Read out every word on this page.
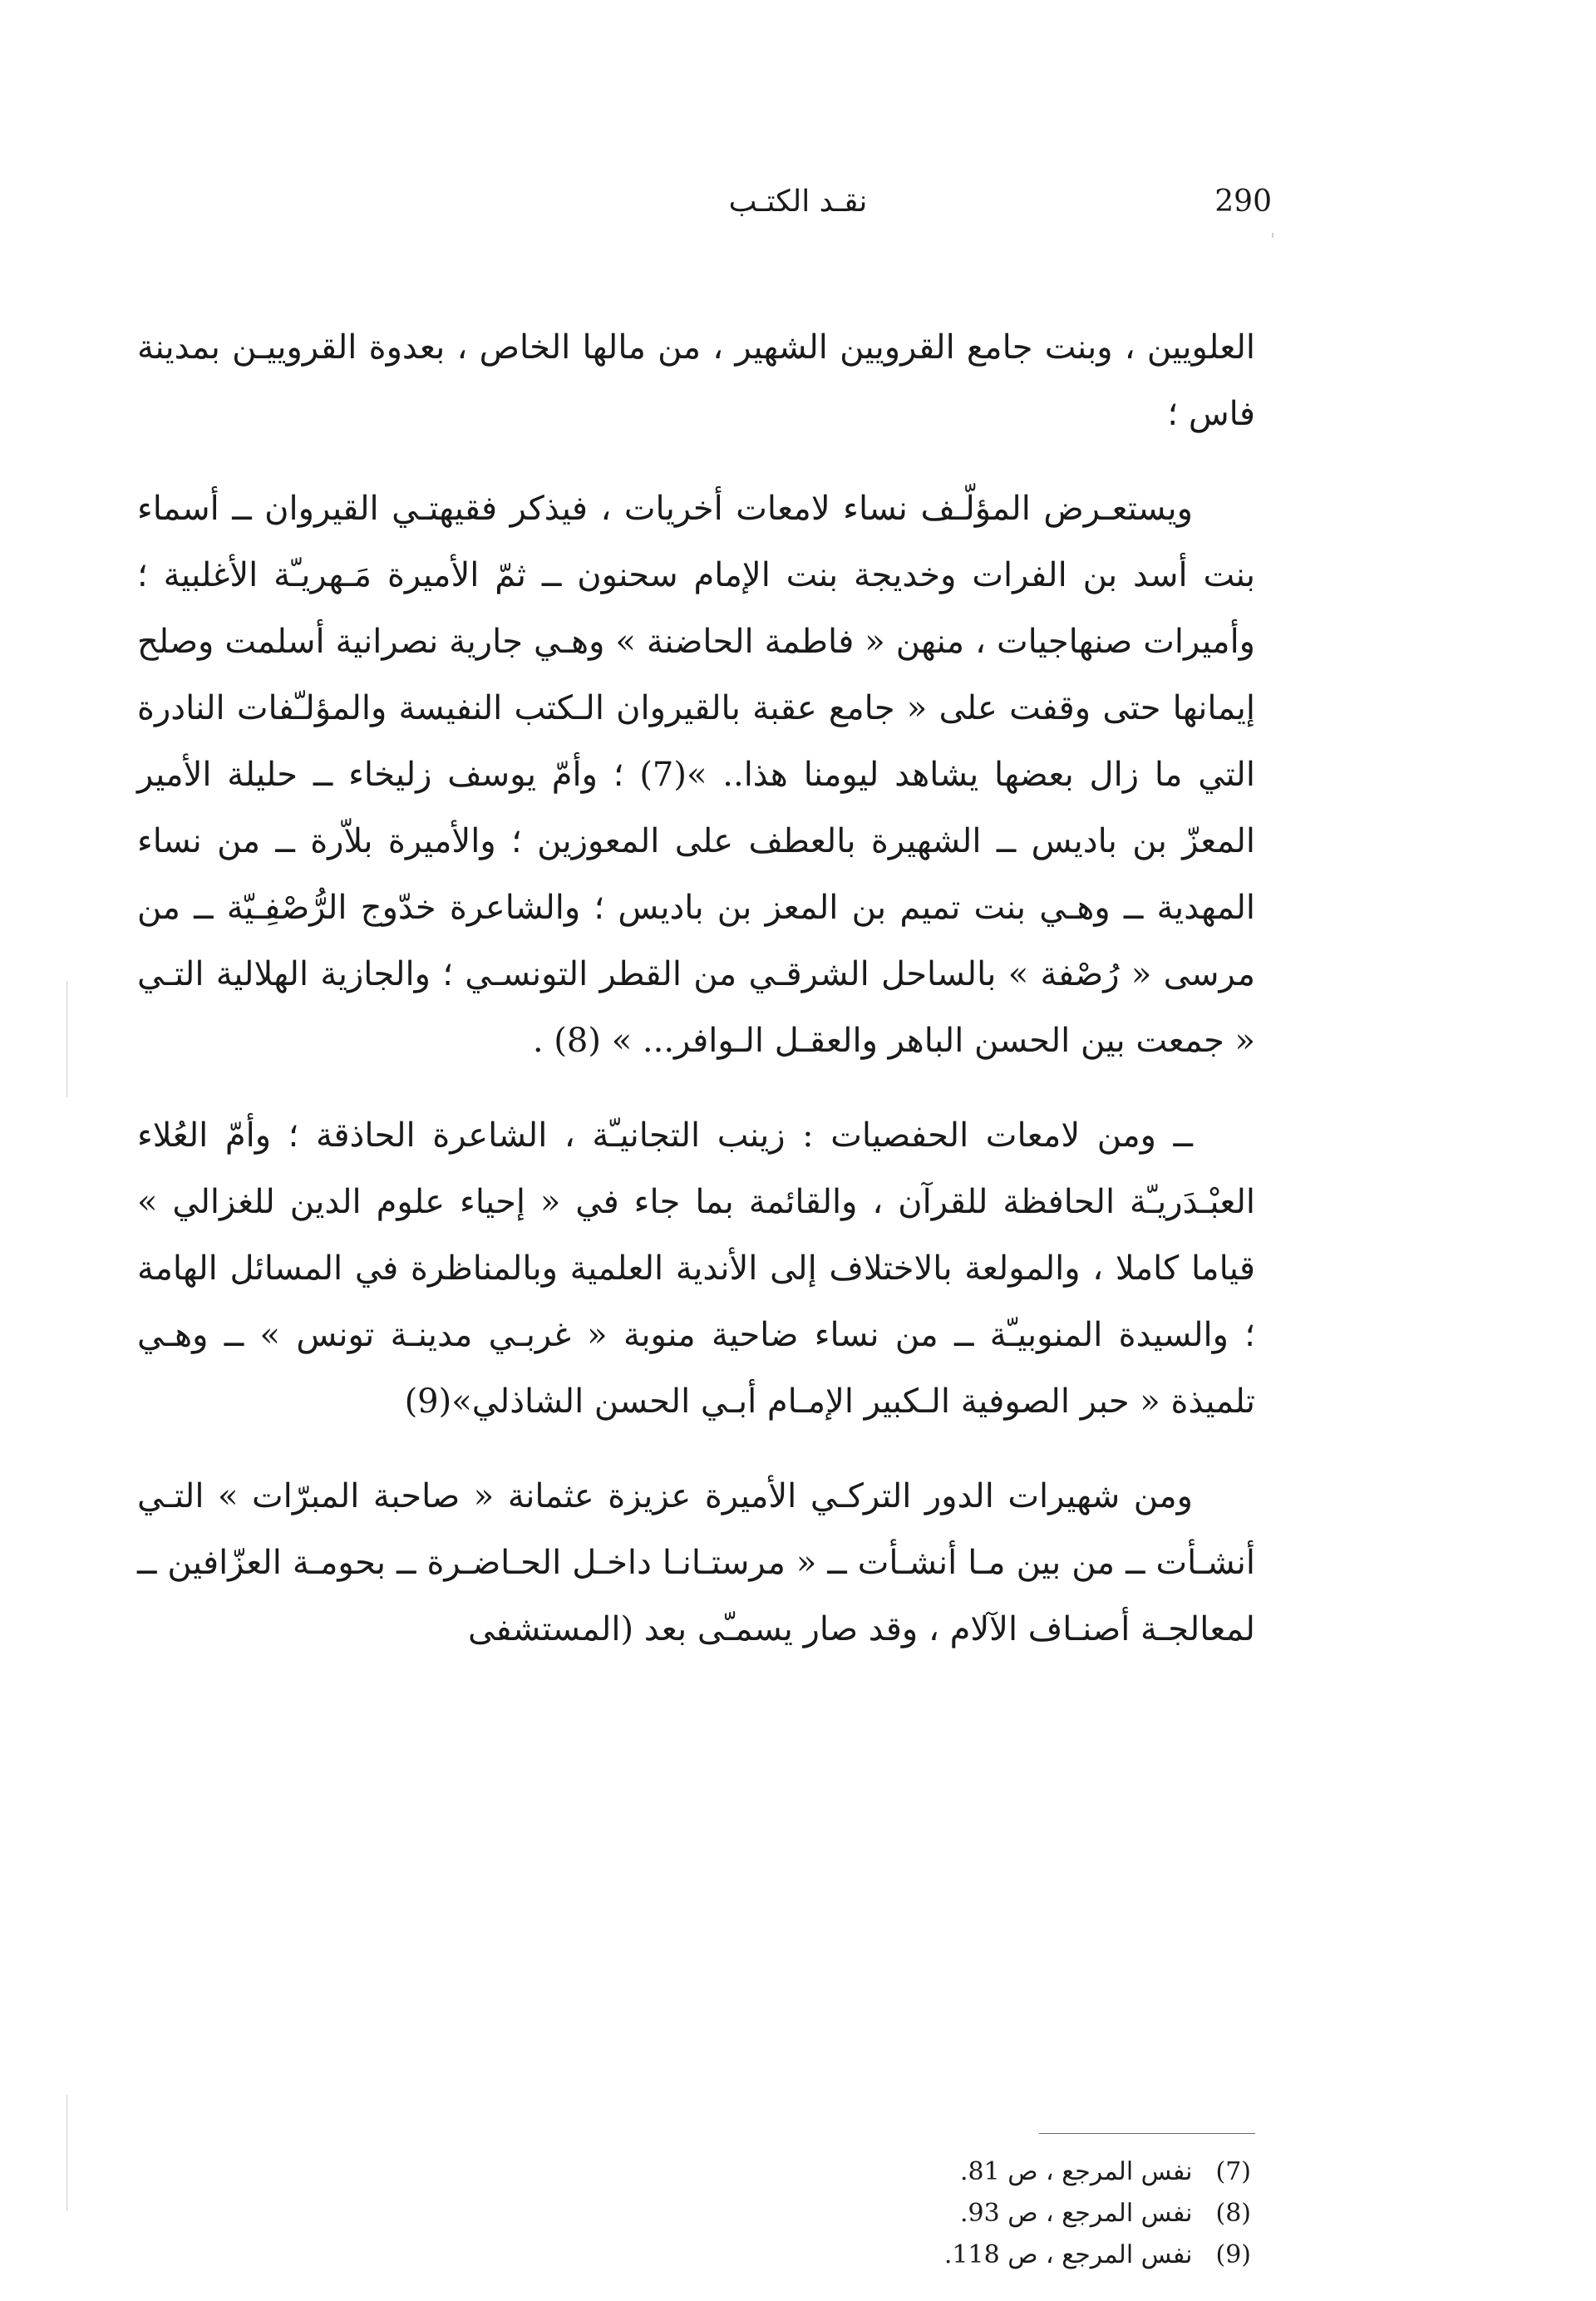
نقـد الكتـب	290

العلويين ، وبنت جامع القرويين الشهير ، من مالها الخاص ، بعدوة القروييـن بمدينة فاس ؛

ويستعـرض المؤلّـف نساء لامعات أخريات ، فيذكر فقيهتـي القيروان ــ أسماء بنت أسد بن الفرات وخديجة بنت الإمام سحنون ــ ثمّ الأميرة مَـهريـّة الأغلبية ؛ وأميرات صنهاجيات ، منهن « فاطمة الحاضنة » وهـي جارية نصرانية أسلمت وصلح إيمانها حتى وقفت على « جامع عقبة بالقيروان الـكتب النفيسة والمؤلـّفات النادرة التي ما زال بعضها يشاهد ليومنا هذا.. »(7) ؛ وأمّ يوسف زليخاء ــ حليلة الأمير المعزّ بن باديس ــ الشهيرة بالعطف على المعوزين ؛ والأميرة بلاّرة ــ من نساء المهدية ــ وهـي بنت تميم بن المعز بن باديس ؛ والشاعرة خدّوج الرُّصْفِـيّة ــ من مرسى « رُصْفة » بالساحل الشرقـي من القطر التونسـي ؛ والجازية الهلالية التـي « جمعت بين الحسن الباهر والعقـل الـوافر... » (8) .

ــ ومن لامعات الحفصيات : زينب التجانيـّة ، الشاعرة الحاذقة ؛ وأمّ العُلاء العبْـدَريـّة الحافظة للقرآن ، والقائمة بما جاء في « إحياء علوم الدين للغزالي » قياما كاملا ، والمولعة بالاختلاف إلى الأندية العلمية وبالمناظرة في المسائل الهامة ؛ والسيدة المنوبيـّة ــ من نساء ضاحية منوبة « غربـي مدينـة تونس » ــ وهـي تلميذة « حبر الصوفية الـكبير الإمـام أبـي الحسن الشاذلي»(9)

ومن شهيرات الدور التركـي الأميرة عزيزة عثمانة « صاحبة المبرّات » التـي أنشـأت ــ من بين مـا أنشـأت ــ « مرستـانـا داخـل الحـاضـرة ــ بحومـة العزّافين ــ لمعالجـة أصنـاف الآلام ، وقد صار يسمـّى بعد (المستشفى

(7)نفس المرجع ، ص 81.
(8)نفس المرجع ، ص 93.
(9)نفس المرجع ، ص 118.
